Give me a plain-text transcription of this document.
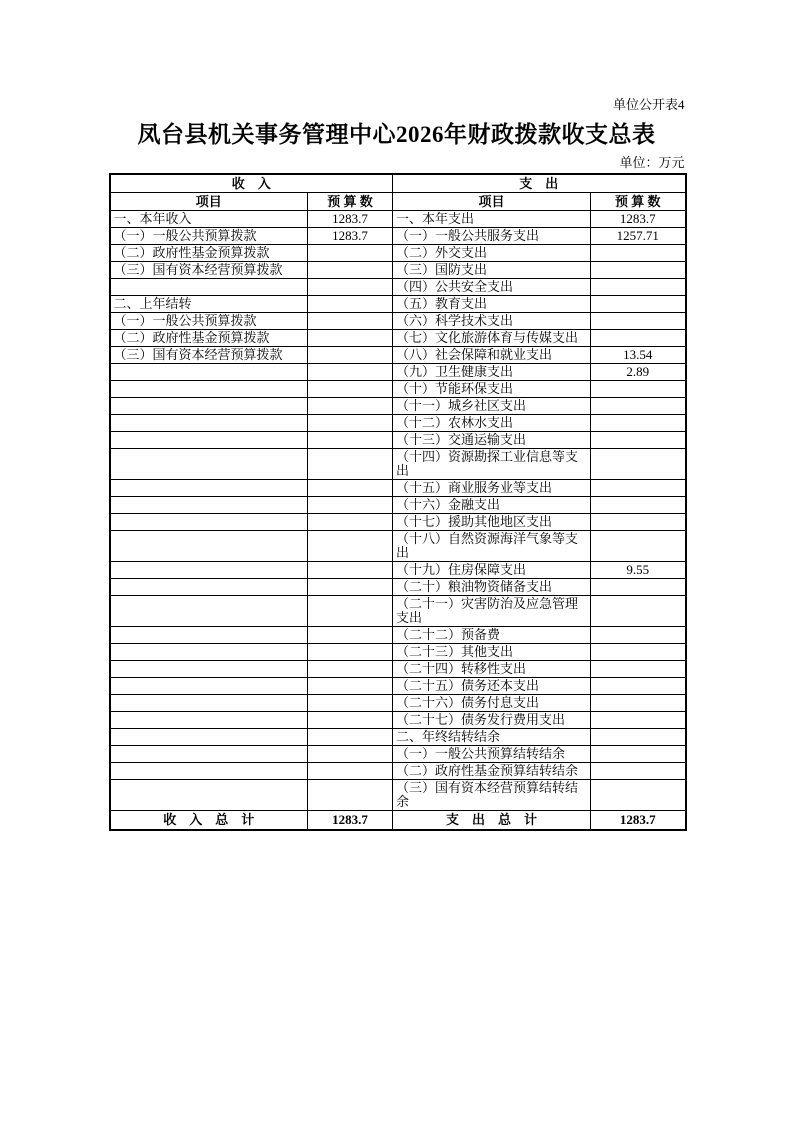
单位公开表4
凤台县机关事务管理中心2026年财政拨款收支总表
单位：万元
收　入		支　出	
项目	预 算 数	项目	预 算 数
一、本年收入	1283.7	一、本年支出	1283.7
（一）一般公共预算拨款	1283.7	（一）一般公共服务支出	1257.71
（二）政府性基金预算拨款		（二）外交支出	
（三）国有资本经营预算拨款		（三）国防支出	
		（四）公共安全支出	
二、上年结转		（五）教育支出	
（一）一般公共预算拨款		（六）科学技术支出	
（二）政府性基金预算拨款		（七）文化旅游体育与传媒支出	
（三）国有资本经营预算拨款		（八）社会保障和就业支出	13.54
		（九）卫生健康支出	2.89
		（十）节能环保支出	
		（十一）城乡社区支出	
		（十二）农林水支出	
		（十三）交通运输支出	
		（十四）资源勘探工业信息等支出	
		（十五）商业服务业等支出	
		（十六）金融支出	
		（十七）援助其他地区支出	
		（十八）自然资源海洋气象等支出	
		（十九）住房保障支出	9.55
		（二十）粮油物资储备支出	
		（二十一）灾害防治及应急管理支出	
		（二十二）预备费	
		（二十三）其他支出	
		（二十四）转移性支出	
		（二十五）债务还本支出	
		（二十六）债务付息支出	
		（二十七）债务发行费用支出	
		二、年终结转结余	
		（一）一般公共预算结转结余	
		（二）政府性基金预算结转结余	
		（三）国有资本经营预算结转结余	
收　入　总　计	1283.7	支　出　总　计	1283.7
